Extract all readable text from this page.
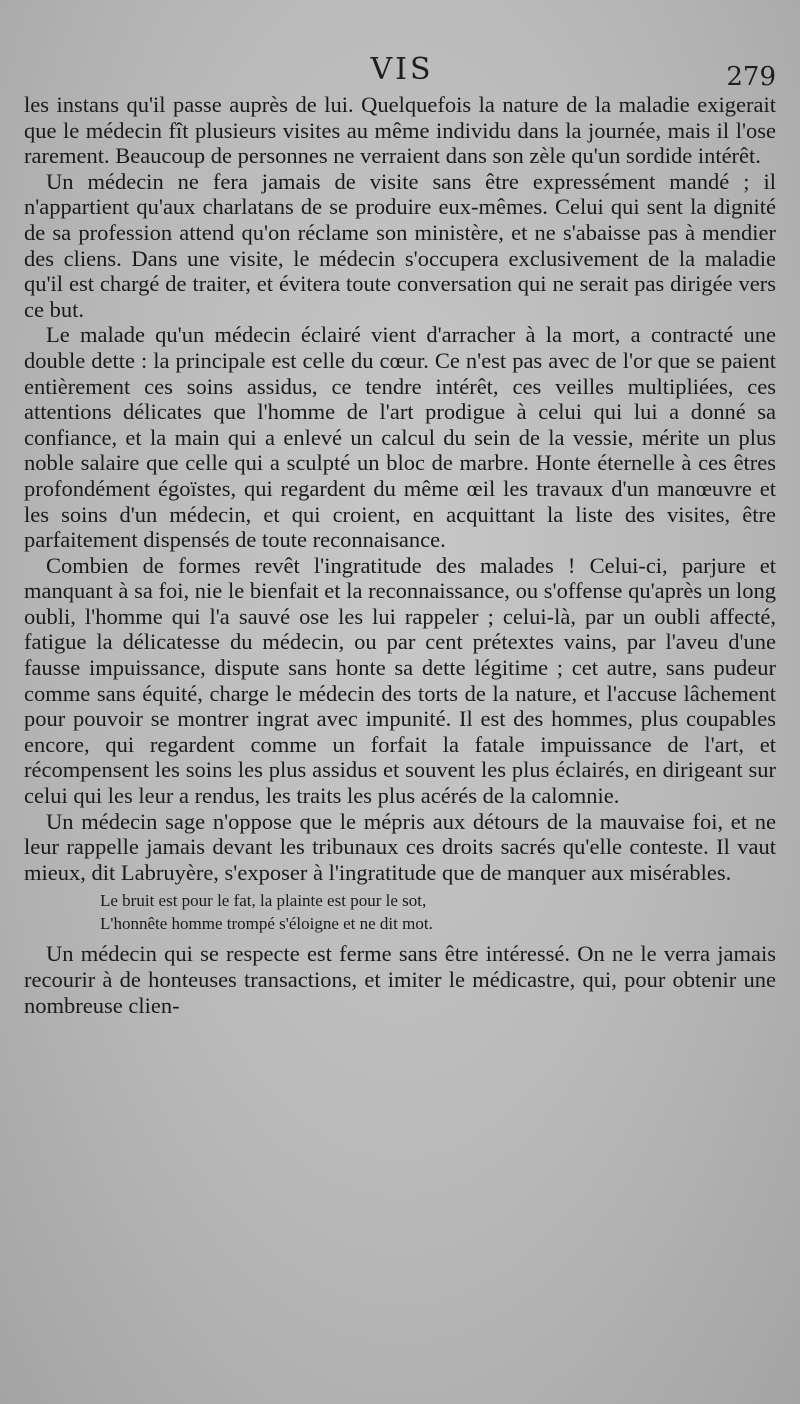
VIS	279

les instans qu'il passe auprès de lui. Quelquefois la nature de la maladie exigerait que le médecin fît plusieurs visites au même individu dans la journée, mais il l'ose rarement. Beaucoup de personnes ne verraient dans son zèle qu'un sordide intérêt.

Un médecin ne fera jamais de visite sans être expressément mandé ; il n'appartient qu'aux charlatans de se produire eux-mêmes. Celui qui sent la dignité de sa profession attend qu'on réclame son ministère, et ne s'abaisse pas à mendier des cliens. Dans une visite, le médecin s'occupera exclusivement de la maladie qu'il est chargé de traiter, et évitera toute conversation qui ne serait pas dirigée vers ce but.

Le malade qu'un médecin éclairé vient d'arracher à la mort, a contracté une double dette : la principale est celle du cœur. Ce n'est pas avec de l'or que se paient entièrement ces soins assidus, ce tendre intérêt, ces veilles multipliées, ces attentions délicates que l'homme de l'art prodigue à celui qui lui a donné sa confiance, et la main qui a enlevé un calcul du sein de la vessie, mérite un plus noble salaire que celle qui a sculpté un bloc de marbre. Honte éternelle à ces êtres profondément égoïstes, qui regardent du même œil les travaux d'un manœuvre et les soins d'un médecin, et qui croient, en acquittant la liste des visites, être parfaitement dispensés de toute reconnaisance.

Combien de formes revêt l'ingratitude des malades ! Celui-ci, parjure et manquant à sa foi, nie le bienfait et la reconnaissance, ou s'offense qu'après un long oubli, l'homme qui l'a sauvé ose les lui rappeler ; celui-là, par un oubli affecté, fatigue la délicatesse du médecin, ou par cent prétextes vains, par l'aveu d'une fausse impuissance, dispute sans honte sa dette légitime ; cet autre, sans pudeur comme sans équité, charge le médecin des torts de la nature, et l'accuse lâchement pour pouvoir se montrer ingrat avec impunité. Il est des hommes, plus coupables encore, qui regardent comme un forfait la fatale impuissance de l'art, et récompensent les soins les plus assidus et souvent les plus éclairés, en dirigeant sur celui qui les leur a rendus, les traits les plus acérés de la calomnie.

Un médecin sage n'oppose que le mépris aux détours de la mauvaise foi, et ne leur rappelle jamais devant les tribunaux ces droits sacrés qu'elle conteste. Il vaut mieux, dit Labruyère, s'exposer à l'ingratitude que de manquer aux misérables.

Le bruit est pour le fat, la plainte est pour le sot,
L'honnête homme trompé s'éloigne et ne dit mot.

Un médecin qui se respecte est ferme sans être intéressé. On ne le verra jamais recourir à de honteuses transactions, et imiter le médicastre, qui, pour obtenir une nombreuse clien-
